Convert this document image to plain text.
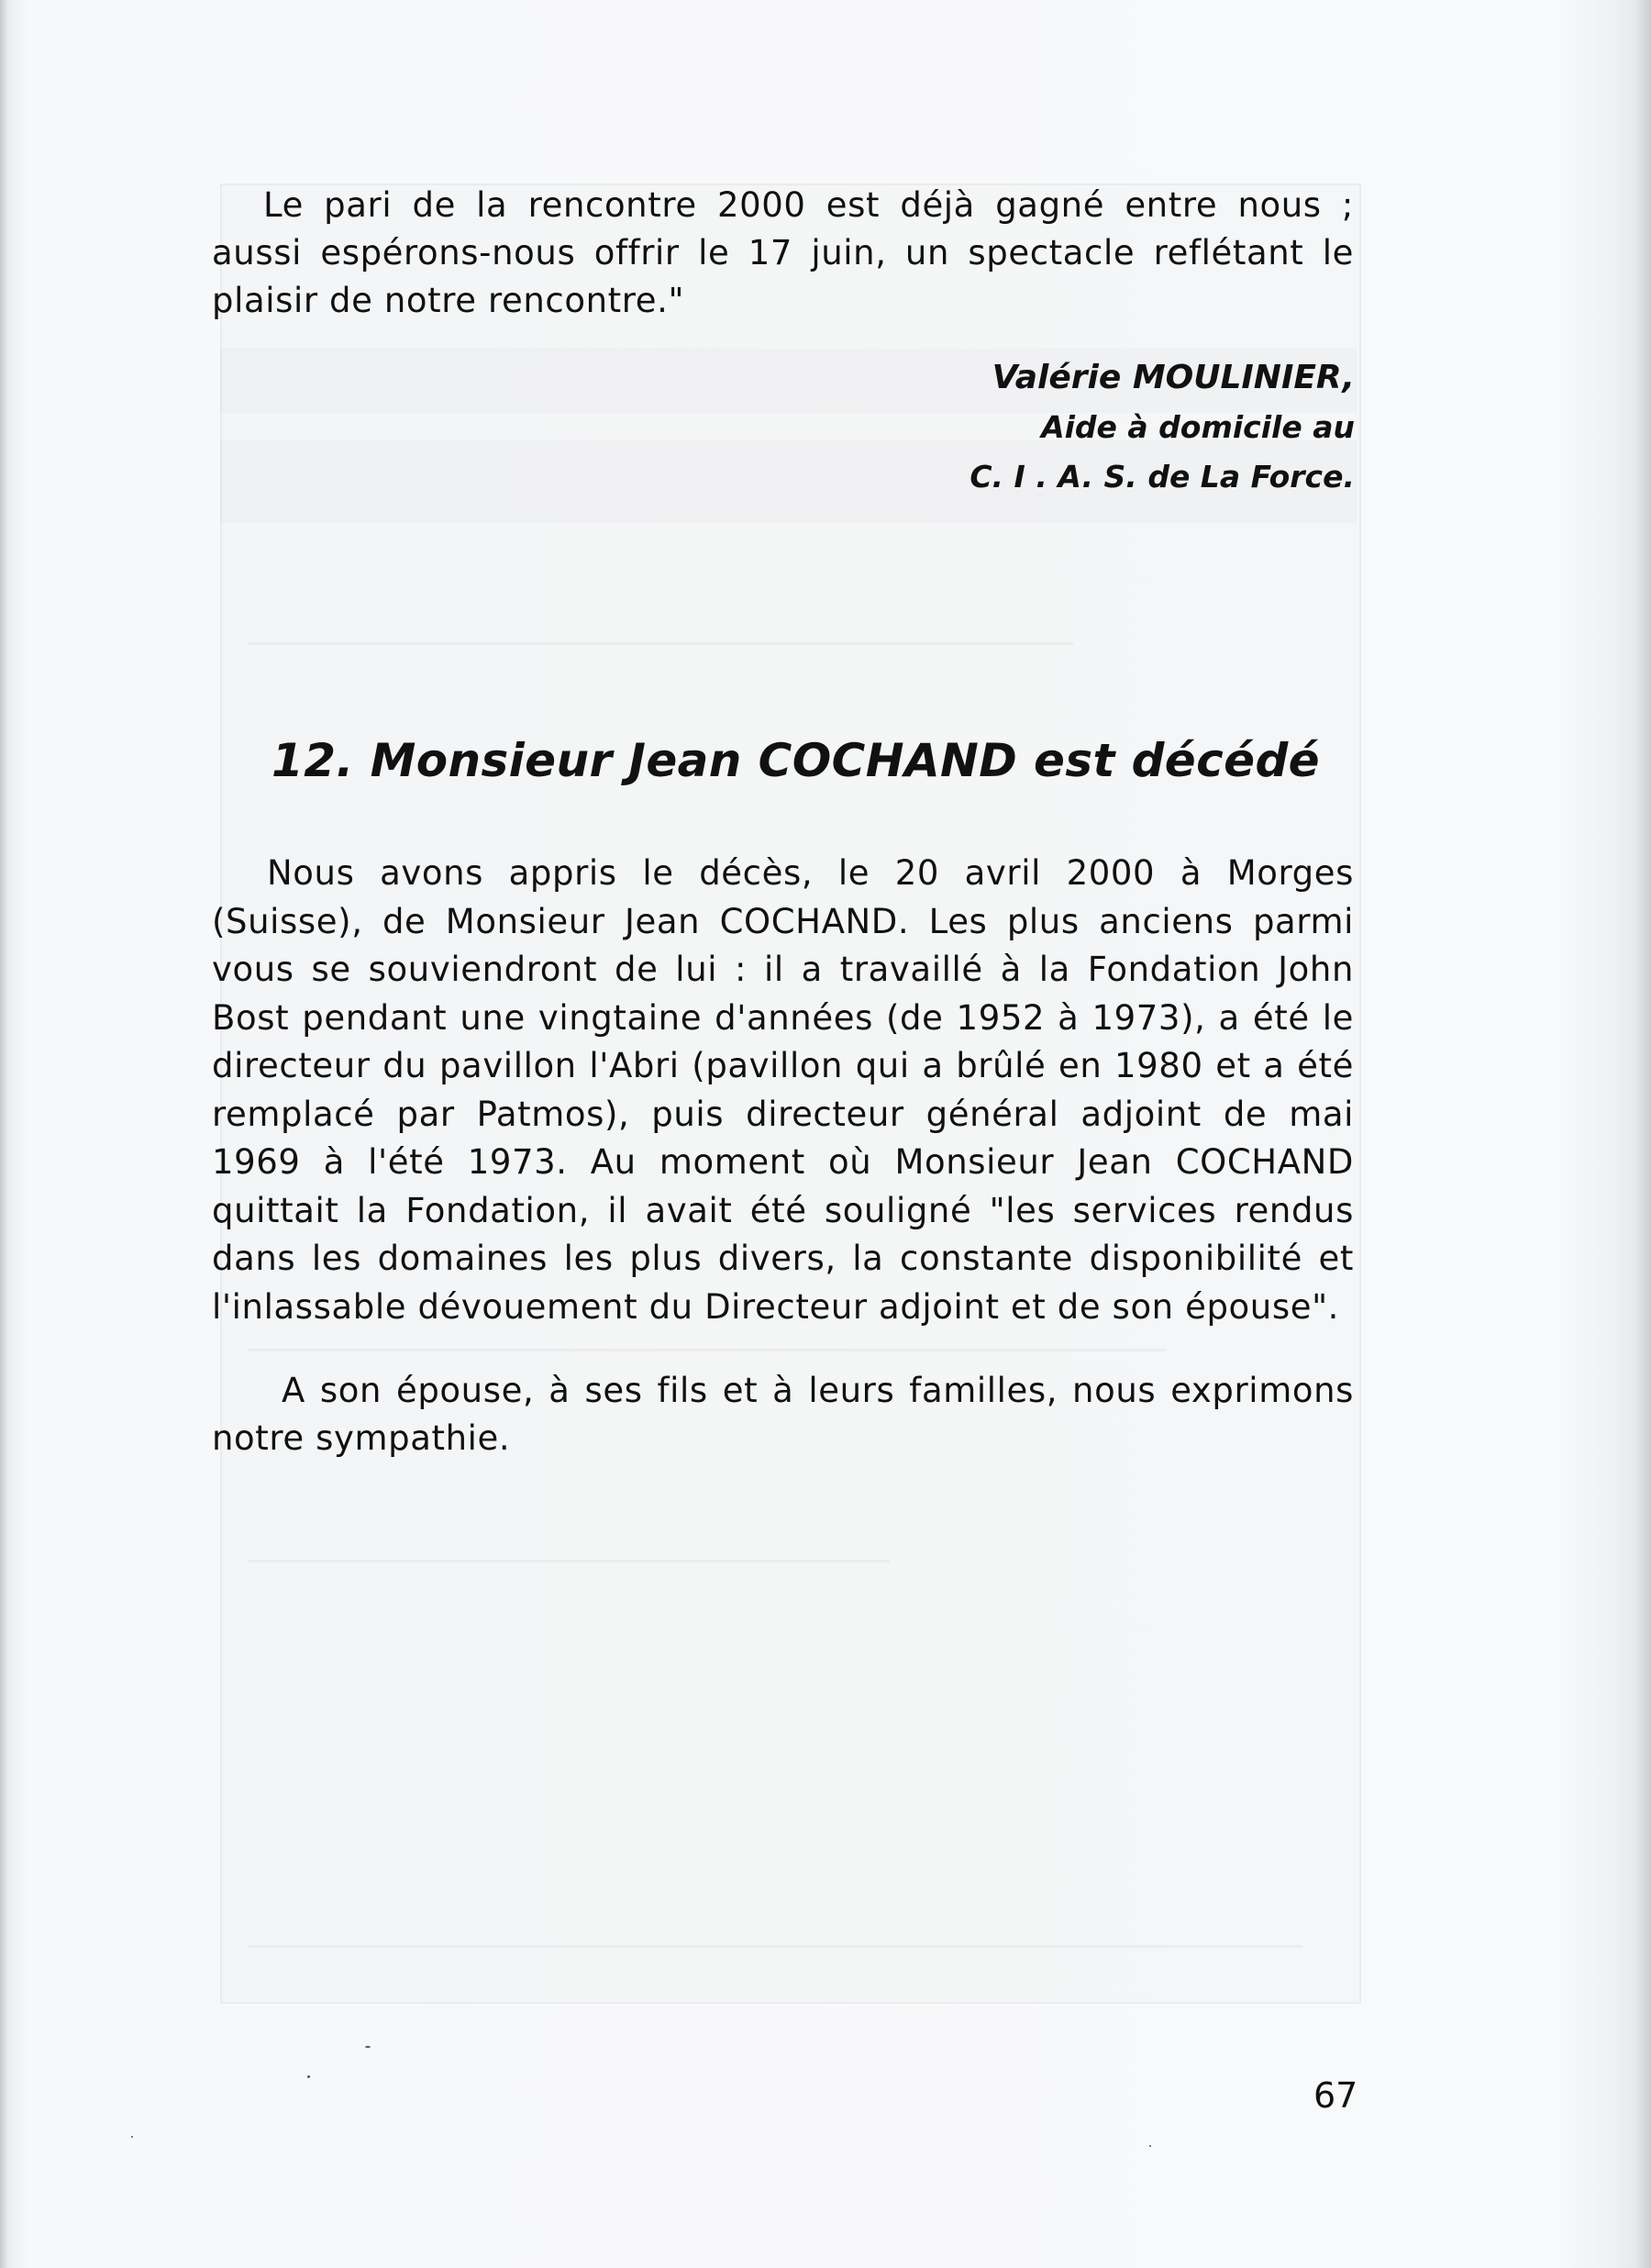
Le pari de la rencontre 2000 est déjà gagné entre nous ; aussi espérons-nous offrir le 17 juin, un spectacle reflétant le plaisir de notre rencontre."
Valérie MOULINIER,
Aide à domicile au
C. I . A. S. de La Force.
12. Monsieur Jean COCHAND est décédé
Nous avons appris le décès, le 20 avril 2000 à Morges (Suisse), de Monsieur Jean COCHAND. Les plus anciens parmi vous se souviendront de lui : il a travaillé à la Fondation John Bost pendant une vingtaine d'années (de 1952 à 1973), a été le directeur du pavillon l'Abri (pavillon qui a brûlé en 1980 et a été remplacé par Patmos), puis directeur général adjoint de mai 1969 à l'été 1973. Au moment où Monsieur Jean COCHAND quittait la Fondation, il avait été souligné "les services rendus dans les domaines les plus divers, la constante disponibilité et l'inlassable dévouement du Directeur adjoint et de son épouse".
A son épouse, à ses fils et à leurs familles, nous exprimons notre sympathie.
67
